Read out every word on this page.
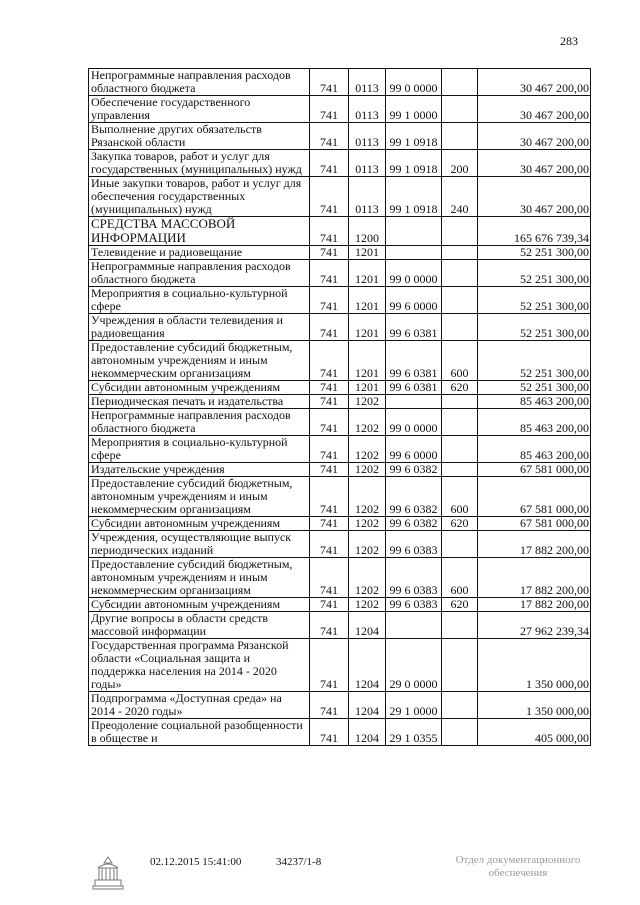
283
Непрограммные направления расходов областного бюджета	741	0113	99 0 0000		30 467 200,00
Обеспечение государственного управления	741	0113	99 1 0000		30 467 200,00
Выполнение других обязательств Рязанской области	741	0113	99 1 0918		30 467 200,00
Закупка товаров, работ и услуг для государственных (муниципальных) нужд	741	0113	99 1 0918	200	30 467 200,00
Иные закупки товаров, работ и услуг для обеспечения государственных (муниципальных) нужд	741	0113	99 1 0918	240	30 467 200,00
СРЕДСТВА МАССОВОЙ ИНФОРМАЦИИ	741	1200			165 676 739,34
Телевидение и радиовещание	741	1201			52 251 300,00
Непрограммные направления расходов областного бюджета	741	1201	99 0 0000		52 251 300,00
Мероприятия в социально-культурной сфере	741	1201	99 6 0000		52 251 300,00
Учреждения в области телевидения и радиовещания	741	1201	99 6 0381		52 251 300,00
Предоставление субсидий бюджетным, автономным учреждениям и иным некоммерческим организациям	741	1201	99 6 0381	600	52 251 300,00
Субсидии автономным учреждениям	741	1201	99 6 0381	620	52 251 300,00
Периодическая печать и издательства	741	1202			85 463 200,00
Непрограммные направления расходов областного бюджета	741	1202	99 0 0000		85 463 200,00
Мероприятия в социально-культурной сфере	741	1202	99 6 0000		85 463 200,00
Издательские учреждения	741	1202	99 6 0382		67 581 000,00
Предоставление субсидий бюджетным, автономным учреждениям и иным некоммерческим организациям	741	1202	99 6 0382	600	67 581 000,00
Субсидии автономным учреждениям	741	1202	99 6 0382	620	67 581 000,00
Учреждения, осуществляющие выпуск периодических изданий	741	1202	99 6 0383		17 882 200,00
Предоставление субсидий бюджетным, автономным учреждениям и иным некоммерческим организациям	741	1202	99 6 0383	600	17 882 200,00
Субсидии автономным учреждениям	741	1202	99 6 0383	620	17 882 200,00
Другие вопросы в области средств массовой информации	741	1204			27 962 239,34
Государственная программа Рязанской области «Социальная защита и поддержка населения на 2014 - 2020 годы»	741	1204	29 0 0000		1 350 000,00
Подпрограмма «Доступная среда» на 2014 - 2020 годы»	741	1204	29 1 0000		1 350 000,00
Преодоление социальной разобщенности в обществе и	741	1204	29 1 0355		405 000,00
02.12.2015 15:41:00	34237/1-8	Отдел документационного
обеспечения
